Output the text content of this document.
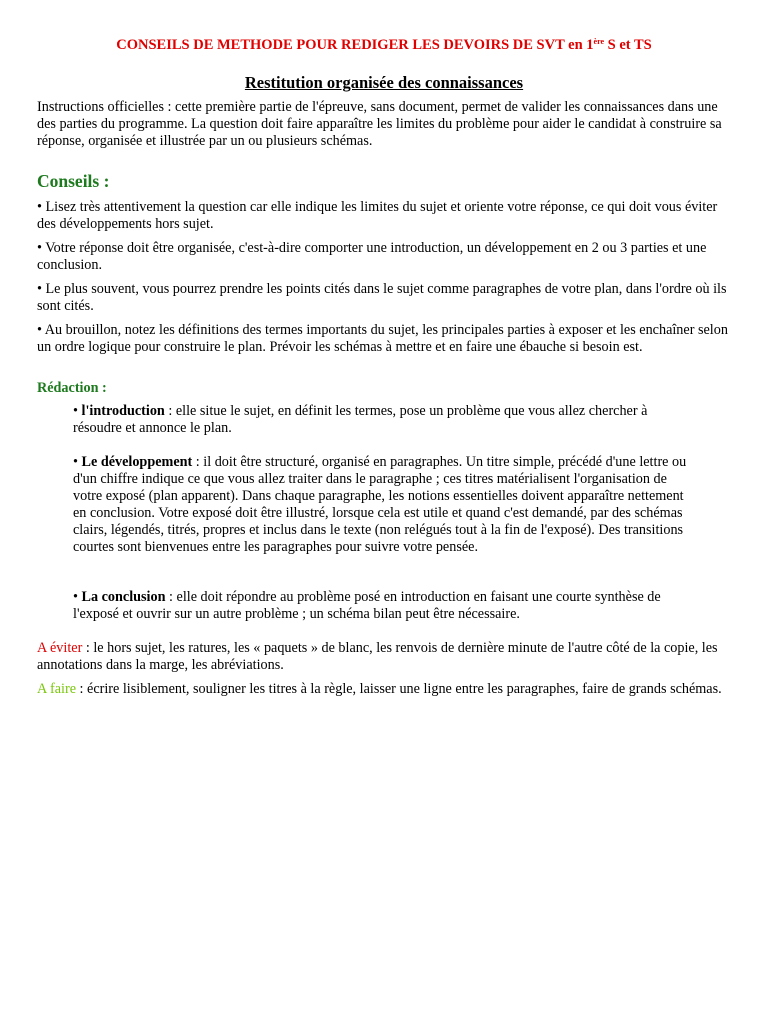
CONSEILS DE METHODE POUR REDIGER LES DEVOIRS DE SVT en 1ère S et TS
Restitution organisée des connaissances
Instructions officielles : cette première partie de l'épreuve, sans document, permet de valider les connaissances dans une des parties du programme. La question doit faire apparaître les limites du problème pour aider le candidat à construire sa réponse, organisée et illustrée par un ou plusieurs schémas.
Conseils :
• Lisez très attentivement la question car elle indique les limites du sujet et oriente votre réponse, ce qui doit vous éviter des développements hors sujet.
• Votre réponse doit être organisée, c'est-à-dire comporter une introduction, un développement en 2 ou 3 parties et une conclusion.
• Le plus souvent, vous pourrez prendre les points cités dans le sujet comme paragraphes de votre plan, dans l'ordre où ils sont cités.
• Au brouillon, notez les définitions des termes importants du sujet, les principales parties à exposer et les enchaîner selon un ordre logique pour construire le plan. Prévoir les schémas à mettre et en faire une ébauche si besoin est.
Rédaction :
• l'introduction : elle situe le sujet, en définit les termes, pose un problème que vous allez chercher à résoudre et annonce le plan.
• Le développement : il doit être structuré, organisé en paragraphes. Un titre simple, précédé d'une lettre ou d'un chiffre indique ce que vous allez traiter dans le paragraphe ; ces titres matérialisent l'organisation de votre exposé (plan apparent). Dans chaque paragraphe, les notions essentielles doivent apparaître nettement en conclusion. Votre exposé doit être illustré, lorsque cela est utile et quand c'est demandé, par des schémas clairs, légendés, titrés, propres et inclus dans le texte (non relégués tout à la fin de l'exposé). Des transitions courtes sont bienvenues entre les paragraphes pour suivre votre pensée.
• La conclusion : elle doit répondre au problème posé en introduction en faisant une courte synthèse de l'exposé et ouvrir sur un autre problème ; un schéma bilan peut être nécessaire.
A éviter : le hors sujet, les ratures, les « paquets » de blanc, les renvois de dernière minute de l'autre côté de la copie, les annotations dans la marge, les abréviations.
A faire : écrire lisiblement, souligner les titres à la règle, laisser une ligne entre les paragraphes, faire de grands schémas.
